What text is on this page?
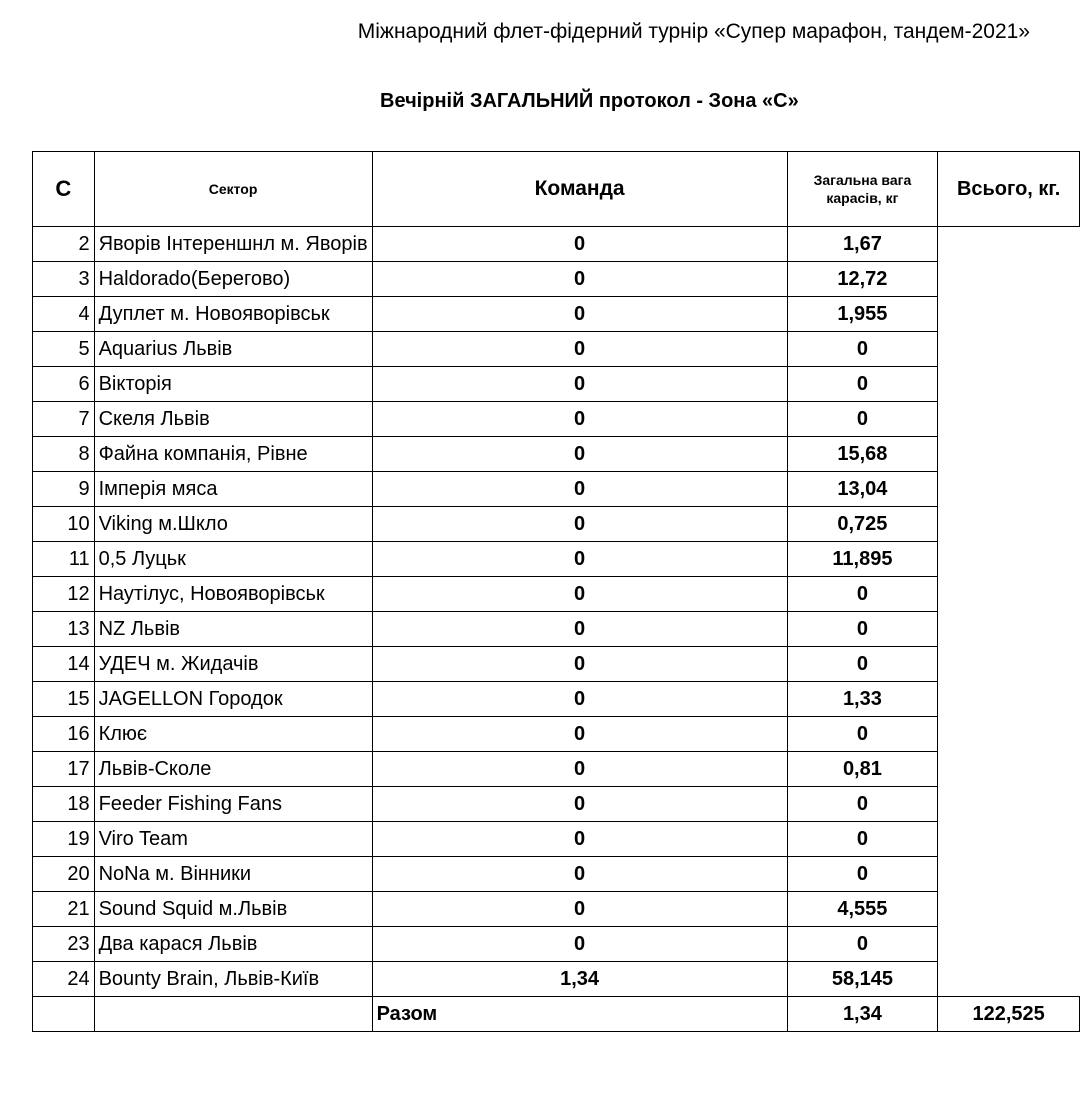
Міжнародний флет-фідерний турнір «Супер марафон, тандем-2021»
Вечірній ЗАГАЛЬНИЙ протокол - Зона «С»
С	Сектор	Команда	Загальна вага карасів, кг	Всього, кг.
2	Яворів Інтереншнл м. Яворів	0	1,67	
3	Haldorado(Берегово)	0	12,72	
4	Дуплет м. Новояворівськ	0	1,955	
5	Aquarius Львів	0	0	
6	Вікторія	0	0	
7	Скеля Львів	0	0	
8	Файна компанія, Рівне	0	15,68	
9	Імперія мяса	0	13,04	
10	Viking м.Шкло	0	0,725	
11	0,5 Луцьк	0	11,895	
12	Наутілус, Новояворівськ	0	0	
13	NZ Львів	0	0	
14	УДЕЧ м. Жидачів	0	0	
15	JAGELLON Городок	0	1,33	
16	Клює	0	0	
17	Львів-Сколе	0	0,81	
18	Feeder Fishing Fans	0	0	
19	Viro Team	0	0	
20	NoNa м. Вінники	0	0	
21	Sound Squid м.Львів	0	4,555	
23	Два карася Львів	0	0	
24	Bounty Brain, Львів-Київ	1,34	58,145	
		Разом	1,34	122,525
